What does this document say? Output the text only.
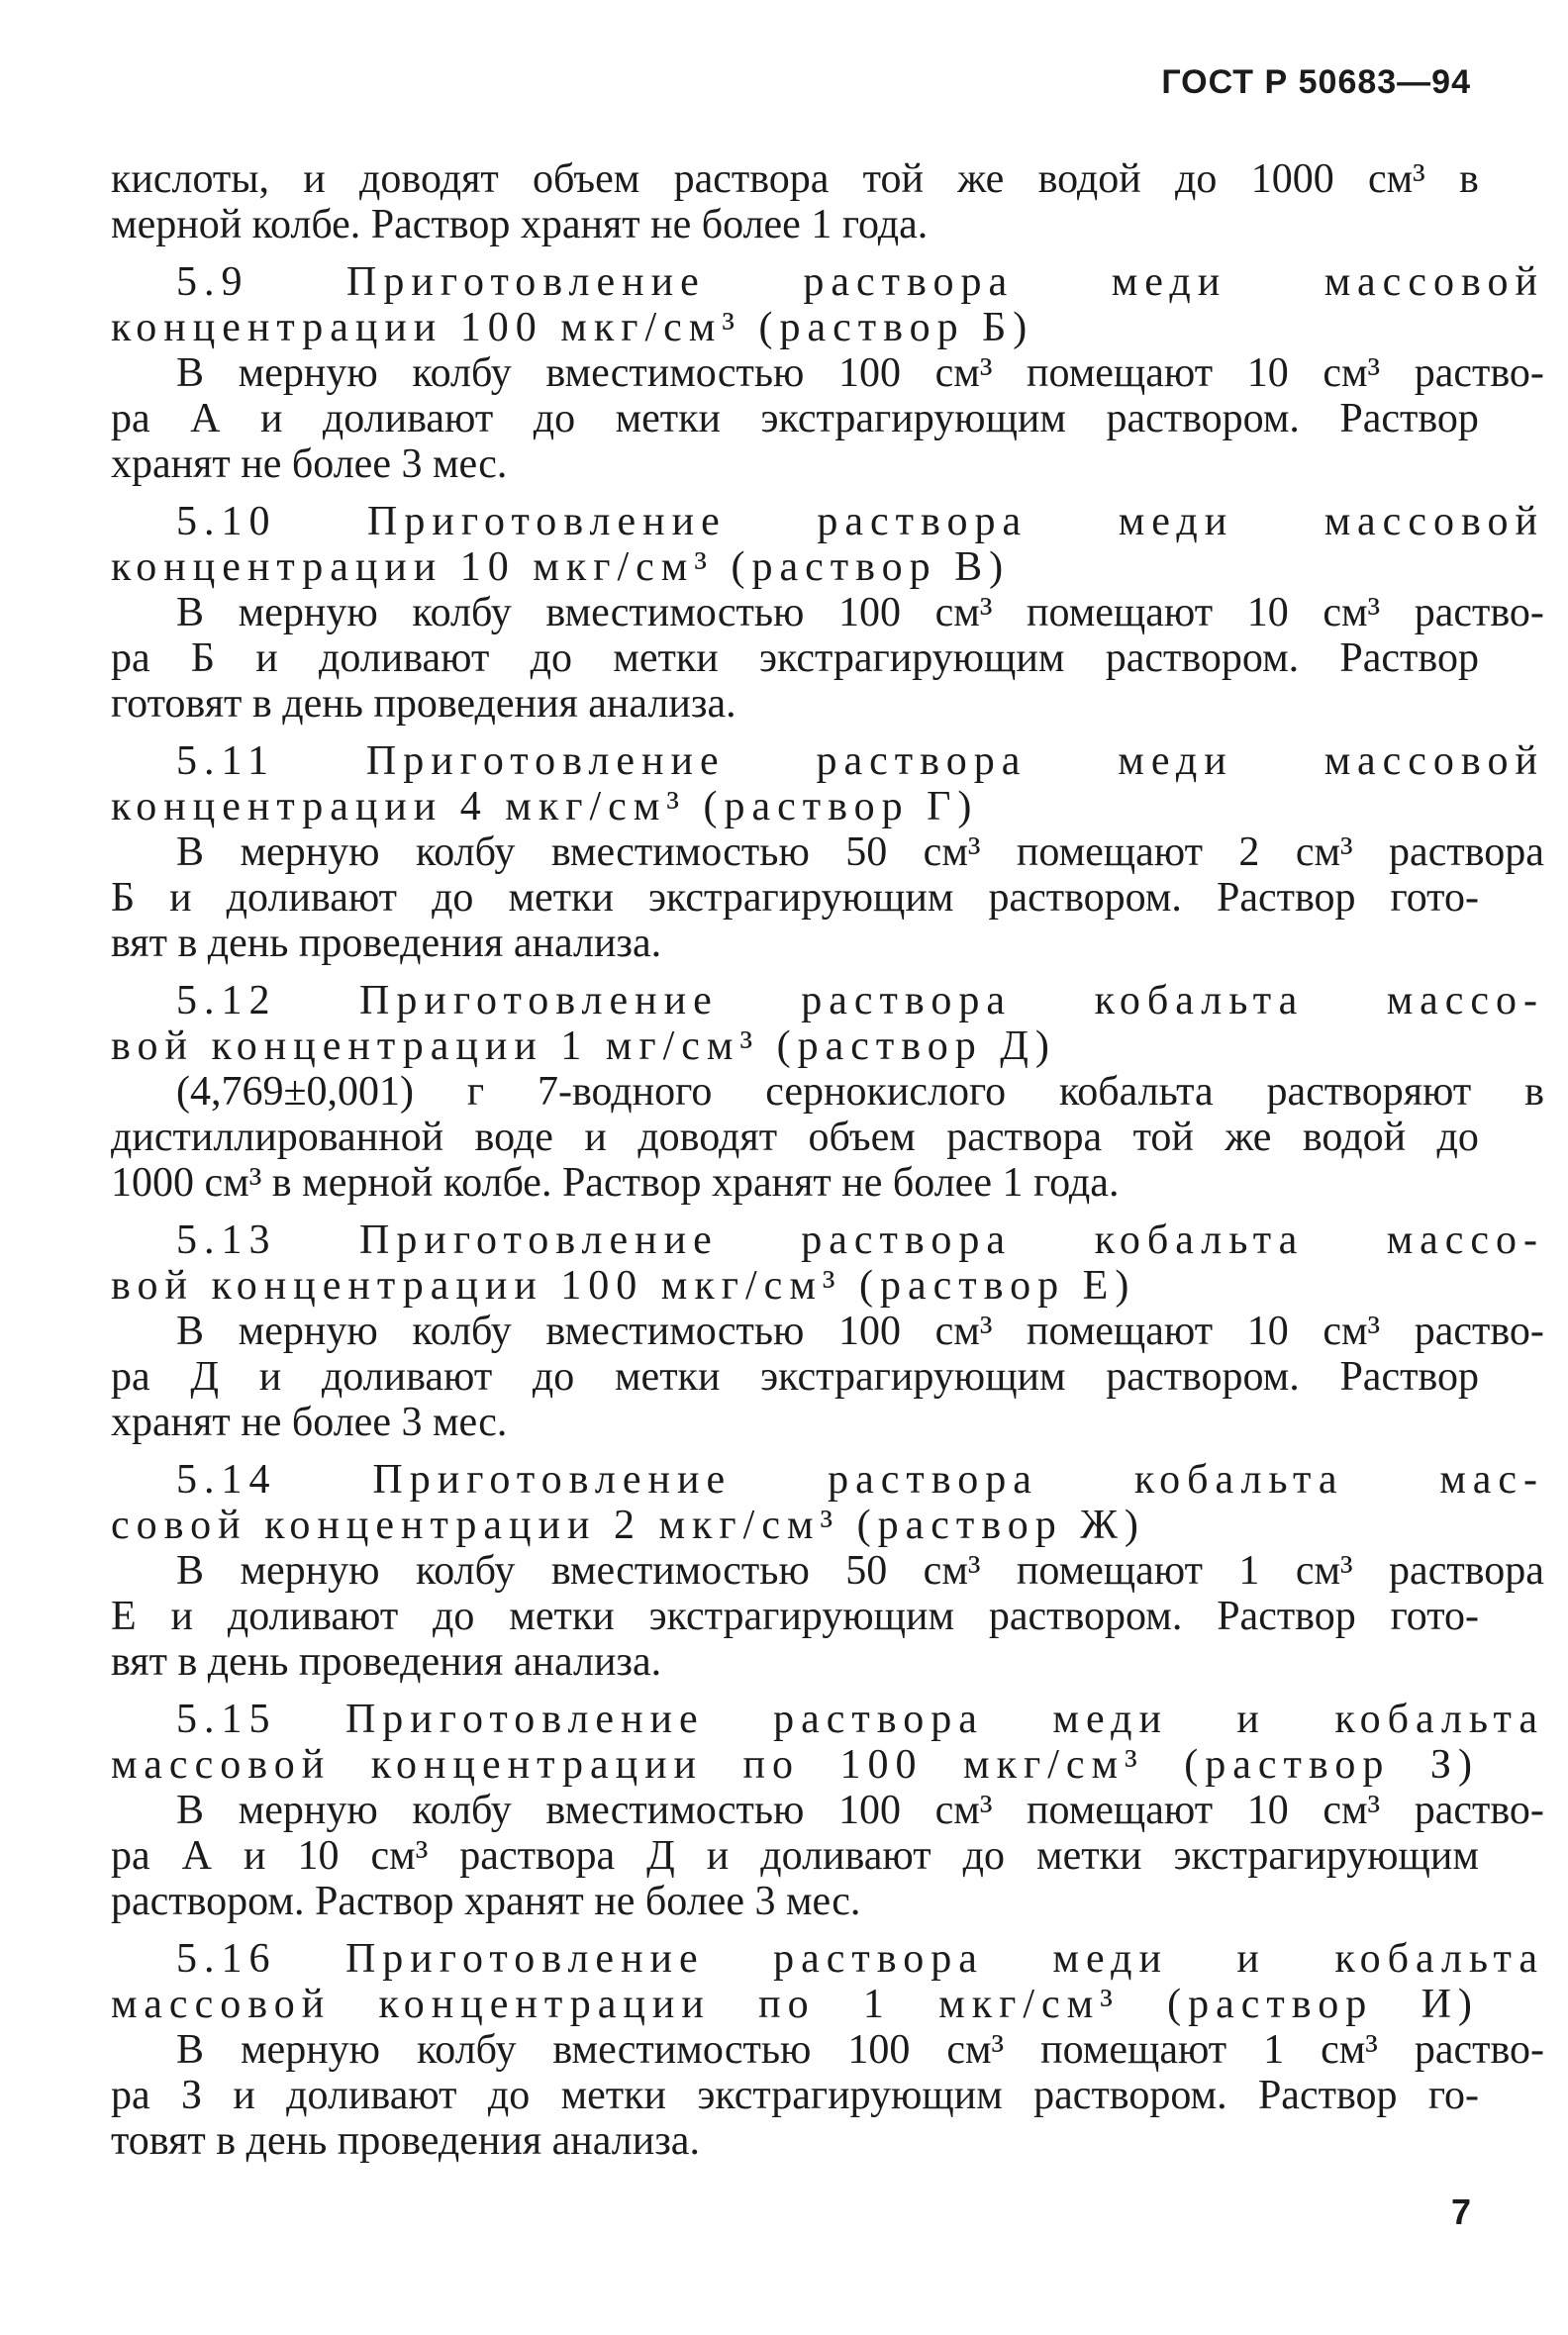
ГОСТ Р 50683—94
кислоты, и доводят объем раствора той же водой до 1000 см³ в
мерной колбе. Раствор хранят не более 1 года.
5.9 Приготовление раствора меди массовой
концентрации 100 мкг/см³ (раствор Б)
В мерную колбу вместимостью 100 см³ помещают 10 см³ раство-
ра А и доливают до метки экстрагирующим раствором. Раствор
хранят не более 3 мес.
5.10 Приготовление раствора меди массовой
концентрации 10 мкг/см³ (раствор В)
В мерную колбу вместимостью 100 см³ помещают 10 см³ раство-
ра Б и доливают до метки экстрагирующим раствором. Раствор
готовят в день проведения анализа.
5.11 Приготовление раствора меди массовой
концентрации 4 мкг/см³ (раствор Г)
В мерную колбу вместимостью 50 см³ помещают 2 см³ раствора
Б и доливают до метки экстрагирующим раствором. Раствор гото-
вят в день проведения анализа.
5.12 Приготовление раствора кобальта массо-
вой концентрации 1 мг/см³ (раствор Д)
(4,769±0,001) г 7-водного сернокислого кобальта растворяют в
дистиллированной воде и доводят объем раствора той же водой до
1000 см³ в мерной колбе. Раствор хранят не более 1 года.
5.13 Приготовление раствора кобальта массо-
вой концентрации 100 мкг/см³ (раствор Е)
В мерную колбу вместимостью 100 см³ помещают 10 см³ раство-
ра Д и доливают до метки экстрагирующим раствором. Раствор
хранят не более 3 мес.
5.14 Приготовление раствора кобальта мас-
совой концентрации 2 мкг/см³ (раствор Ж)
В мерную колбу вместимостью 50 см³ помещают 1 см³ раствора
Е и доливают до метки экстрагирующим раствором. Раствор гото-
вят в день проведения анализа.
5.15 Приготовление раствора меди и кобальта
массовой концентрации по 100 мкг/см³ (раствор З)
В мерную колбу вместимостью 100 см³ помещают 10 см³ раство-
ра А и 10 см³ раствора Д и доливают до метки экстрагирующим
раствором. Раствор хранят не более 3 мес.
5.16 Приготовление раствора меди и кобальта
массовой концентрации по 1 мкг/см³ (раствор И)
В мерную колбу вместимостью 100 см³ помещают 1 см³ раство-
ра З и доливают до метки экстрагирующим раствором. Раствор го-
товят в день проведения анализа.
7
